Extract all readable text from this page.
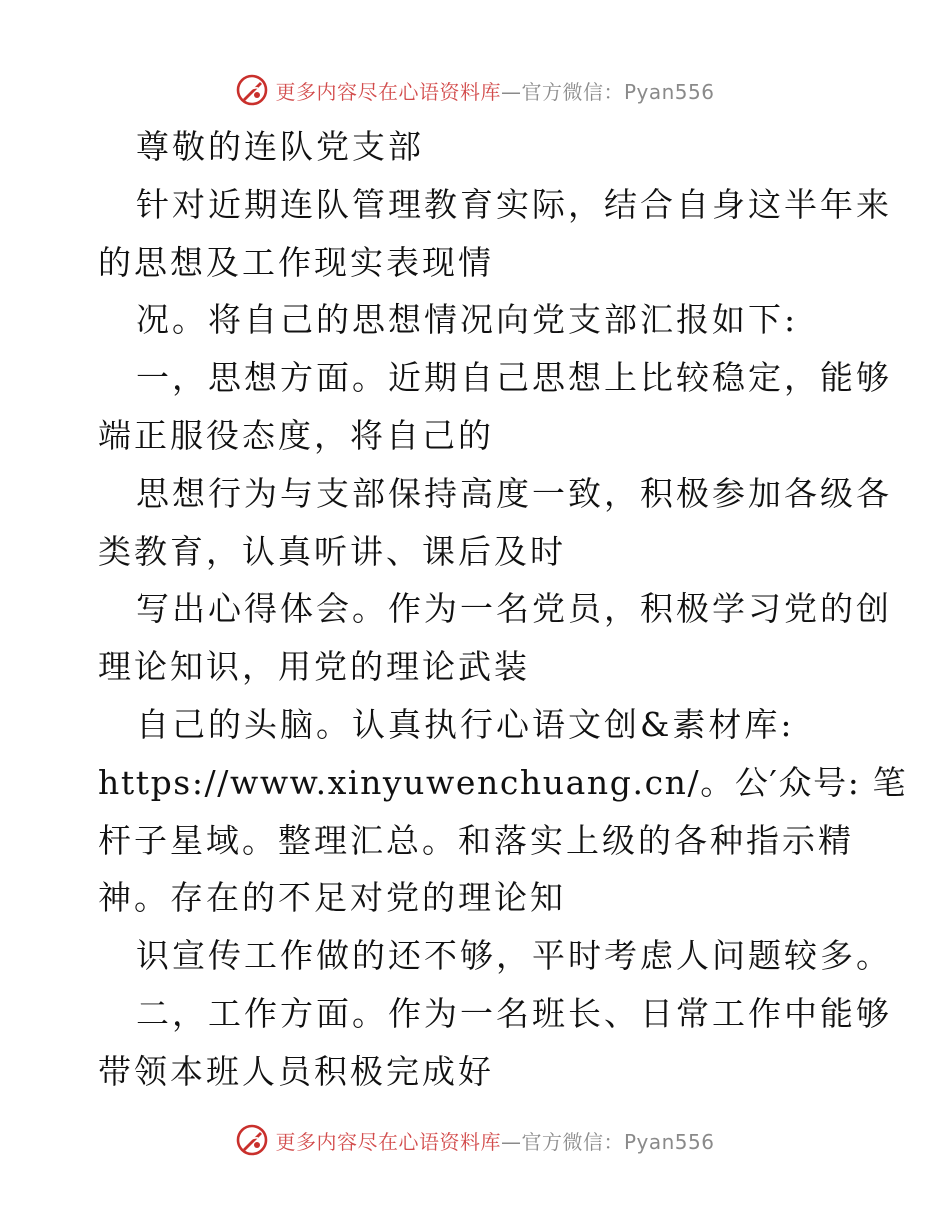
更多内容尽在心语资料库—官方微信：Pyan556
尊敬的连队党支部
针对近期连队管理教育实际，结合自身这半年来
的思想及工作现实表现情
况。将自己的思想情况向党支部汇报如下:
一，思想方面。近期自己思想上比较稳定，能够
端正服役态度，将自己的
思想行为与支部保持高度一致，积极参加各级各
类教育，认真听讲、课后及时
写出心得体会。作为一名党员，积极学习党的创
理论知识，用党的理论武装
自己的头脑。认真执行心语文创&素材库:
https://www.xinyuwenchuang.cn/。公′众号: 笔
杆子星域。整理汇总。和落实上级的各种指示精
神。存在的不足对党的理论知
识宣传工作做的还不够，平时考虑人问题较多。
二，工作方面。作为一名班长、日常工作中能够
带领本班人员积极完成好
更多内容尽在心语资料库—官方微信：Pyan556
